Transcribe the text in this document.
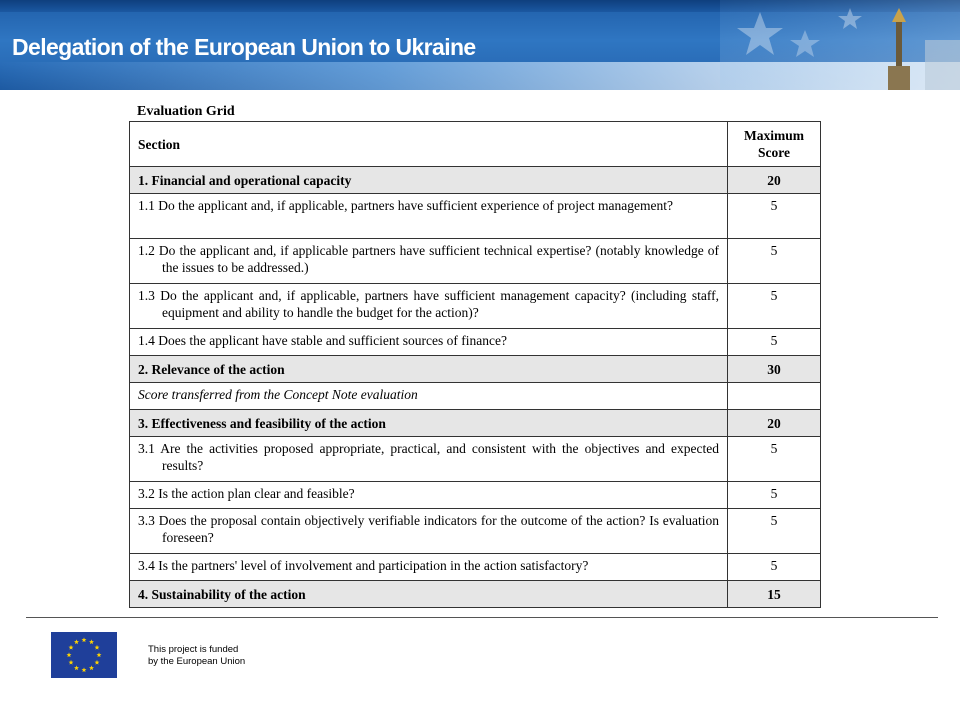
Delegation of the European Union to Ukraine
Evaluation Grid
Section	Maximum Score
1. Financial and operational capacity	20

1.1 Do the applicant and, if applicable, partners have sufficient experience of project management?	5

1.2 Do the applicant and, if applicable partners have sufficient technical expertise? (notably knowledge of the issues to be addressed.)	5

1.3 Do the applicant and, if applicable, partners have sufficient management capacity? (including staff, equipment and ability to handle the budget for the action)?	5

1.4 Does the applicant have stable and sufficient sources of finance?	5
2. Relevance of the action	30
Score transferred from the Concept Note evaluation	
3. Effectiveness and feasibility of the action	20

3.1 Are the activities proposed appropriate, practical, and consistent with the objectives and expected results?	5

3.2 Is the action plan clear and feasible?	5

3.3 Does the proposal contain objectively verifiable indicators for the outcome of the action? Is evaluation foreseen?	5

3.4 Is the partners' level of involvement and participation in the action satisfactory?	5
4. Sustainability of the action	15
This project is funded
by the European Union
